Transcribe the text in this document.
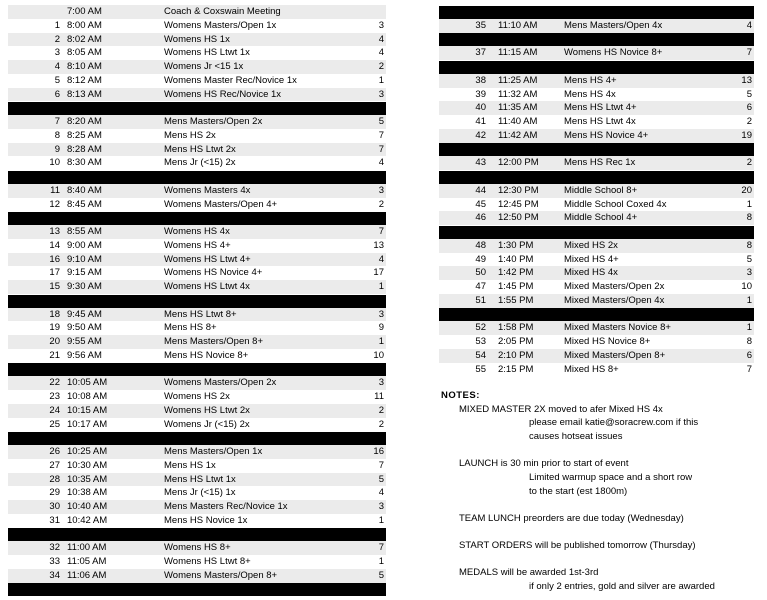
7:00 AM	Coach & Coxswain Meeting
1 8:00 AM	Womens Masters/Open 1x	3
2 8:02 AM	Womens HS 1x	4
3 8:05 AM	Womens HS Ltwt 1x	4
4 8:10 AM	Womens Jr <15 1x	2
5 8:12 AM	Womens Master Rec/Novice 1x	1
6 8:13 AM	Womens HS Rec/Novice 1x	3
7 8:20 AM	Mens Masters/Open 2x	5
8 8:25 AM	Mens HS 2x	7
9 8:28 AM	Mens HS Ltwt 2x	7
10 8:30 AM	Mens Jr (<15) 2x	4
11 8:40 AM	Womens Masters 4x	3
12 8:45 AM	Womens Masters/Open 4+	2
13 8:55 AM	Womens HS 4x	7
14 9:00 AM	Womens HS 4+	13
16 9:10 AM	Womens HS Ltwt 4+	4
17 9:15 AM	Womens HS Novice 4+	17
15 9:30 AM	Womens HS Ltwt 4x	1
18 9:45 AM	Mens HS Ltwt 8+	3
19 9:50 AM	Mens HS 8+	9
20 9:55 AM	Mens Masters/Open 8+	1
21 9:56 AM	Mens HS Novice 8+	10
22 10:05 AM	Womens Masters/Open 2x	3
23 10:08 AM	Womens HS 2x	11
24 10:15 AM	Womens HS Ltwt 2x	2
25 10:17 AM	Womens Jr (<15) 2x	2
26 10:25 AM	Mens Masters/Open 1x	16
27 10:30 AM	Mens HS 1x	7
28 10:35 AM	Mens HS Ltwt 1x	5
29 10:38 AM	Mens Jr (<15) 1x	4
30 10:40 AM	Mens Masters Rec/Novice 1x	3
31 10:42 AM	Mens HS Novice 1x	1
32 11:00 AM	Womens HS 8+	7
33 11:05 AM	Womens HS Ltwt 8+	1
34 11:06 AM	Womens Masters/Open 8+	5
35 11:10 AM	Mens Masters/Open 4x	4
37 11:15 AM	Womens HS Novice 8+	7
38 11:25 AM	Mens HS 4+	13
39 11:32 AM	Mens HS 4x	5
40 11:35 AM	Mens HS Ltwt 4+	6
41 11:40 AM	Mens HS Ltwt 4x	2
42 11:42 AM	Mens HS Novice 4+	19
43 12:00 PM	Mens HS Rec 1x	2
44 12:30 PM	Middle School 8+	20
45 12:45 PM	Middle School Coxed 4x	1
46 12:50 PM	Middle School 4+	8
48 1:30 PM	Mixed HS 2x	8
49 1:40 PM	Mixed HS 4+	5
50 1:42 PM	Mixed HS 4x	3
47 1:45 PM	Mixed Masters/Open 2x	10
51 1:55 PM	Mixed Masters/Open 4x	1
52 1:58 PM	Mixed Masters Novice 8+	1
53 2:05 PM	Mixed HS Novice 8+	8
54 2:10 PM	Mixed Masters/Open 8+	6
55 2:15 PM	Mixed HS 8+	7
NOTES:
MIXED MASTER 2X moved to afer Mixed HS 4x
please email katie@soracrew.com if this
causes hotseat issues
LAUNCH is 30 min prior to start of event
Limited warmup space and a short row
to the start (est 1800m)
TEAM LUNCH preorders are due today (Wednesday)
START ORDERS will be published tomorrow (Thursday)
MEDALS will be awarded 1st-3rd
if only 2 entries, gold and silver are awarded
